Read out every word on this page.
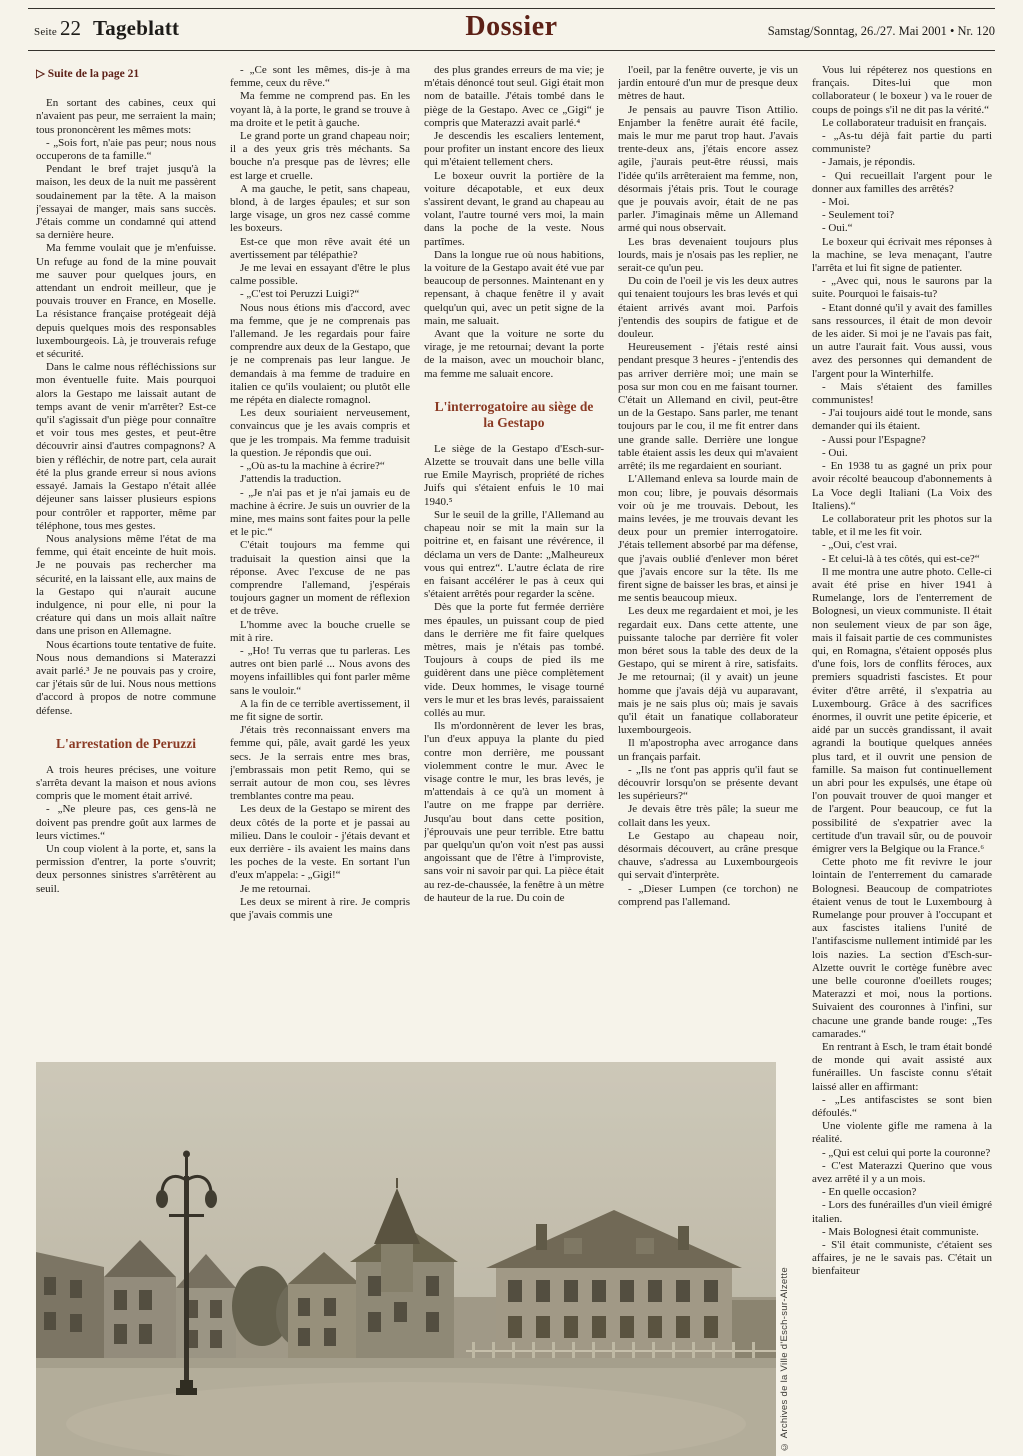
Seite 22 Tageblatt	Dossier	Samstag/Sonntag, 26./27. Mai 2001 • Nr. 120

▷ Suite de la page 21

En sortant des cabines, ceux qui n'avaient pas peur, me serraient la main; tous prononcèrent les mêmes mots:

- „Sois fort, n'aie pas peur; nous nous occuperons de ta famille.“

Pendant le bref trajet jusqu'à la maison, les deux de la nuit me passèrent soudainement par la tête. A la maison j'essayai de manger, mais sans succès. J'étais comme un condamné qui attend sa dernière heure.

Ma femme voulait que je m'enfuisse. Un refuge au fond de la mine pouvait me sauver pour quelques jours, en attendant un endroit meilleur, que je pouvais trouver en France, en Moselle. La résistance française protégeait déjà depuis quelques mois des responsables luxembourgeois. Là, je trouverais refuge et sécurité.

Dans le calme nous réfléchissions sur mon éventuelle fuite. Mais pourquoi alors la Gestapo me laissait autant de temps avant de venir m'arrêter? Est-ce qu'il s'agissait d'un piège pour connaître et voir tous mes gestes, et peut-être découvrir ainsi d'autres compagnons? A bien y réfléchir, de notre part, cela aurait été la plus grande erreur si nous avions essayé. Jamais la Gestapo n'était allée déjeuner sans laisser plusieurs espions pour contrôler et rapporter, même par téléphone, tous mes gestes.

Nous analysions même l'état de ma femme, qui était enceinte de huit mois. Je ne pouvais pas rechercher ma sécurité, en la laissant elle, aux mains de la Gestapo qui n'aurait aucune indulgence, ni pour elle, ni pour la créature qui dans un mois allait naître dans une prison en Allemagne.

Nous écartions toute tentative de fuite. Nous nous demandions si Materazzi avait parlé.³ Je ne pouvais pas y croire, car j'étais sûr de lui. Nous nous mettions d'accord à propos de notre commune défense.

L'arrestation de Peruzzi

A trois heures précises, une voiture s'arrêta devant la maison et nous avions compris que le moment était arrivé.

- „Ne pleure pas, ces gens-là ne doivent pas prendre goût aux larmes de leurs victimes.“

Un coup violent à la porte, et, sans la permission d'entrer, la porte s'ouvrit; deux personnes sinistres s'arrêtèrent au seuil.

- „Ce sont les mêmes, dis-je à ma femme, ceux du rêve.“

Ma femme ne comprend pas. En les voyant là, à la porte, le grand se trouve à ma droite et le petit à gauche.

Le grand porte un grand chapeau noir; il a des yeux gris très méchants. Sa bouche n'a presque pas de lèvres; elle est large et cruelle.

A ma gauche, le petit, sans chapeau, blond, à de larges épaules; et sur son large visage, un gros nez cassé comme les boxeurs.

Est-ce que mon rêve avait été un avertissement par télépathie?

Je me levai en essayant d'être le plus calme possible.

- „C'est toi Peruzzi Luigi?“

Nous nous étions mis d'accord, avec ma femme, que je ne comprenais pas l'allemand. Je les regardais pour faire comprendre aux deux de la Gestapo, que je ne comprenais pas leur langue. Je demandais à ma femme de traduire en italien ce qu'ils voulaient; ou plutôt elle me répéta en dialecte romagnol.

Les deux souriaient nerveusement, convaincus que je les avais compris et que je les trompais. Ma femme traduisit la question. Je répondis que oui.

- „Où as-tu la machine à écrire?“

J'attendis la traduction.

- „Je n'ai pas et je n'ai jamais eu de machine à écrire. Je suis un ouvrier de la mine, mes mains sont faites pour la pelle et le pic.“

C'était toujours ma femme qui traduisait la question ainsi que la réponse. Avec l'excuse de ne pas comprendre l'allemand, j'espérais toujours gagner un moment de réflexion et de trêve.

L'homme avec la bouche cruelle se mit à rire.

- „Ho! Tu verras que tu parleras. Les autres ont bien parlé ... Nous avons des moyens infaillibles qui font parler même sans le vouloir.“

A la fin de ce terrible avertissement, il me fit signe de sortir.

J'étais très reconnaissant envers ma femme qui, pâle, avait gardé les yeux secs. Je la serrais entre mes bras, j'embrassais mon petit Remo, qui se serrait autour de mon cou, ses lèvres tremblantes contre ma peau.

Les deux de la Gestapo se mirent des deux côtés de la porte et je passai au milieu. Dans le couloir - j'étais devant et eux derrière - ils avaient les mains dans les poches de la veste. En sortant l'un d'eux m'appela: - „Gigi!“

Je me retournai.

Les deux se mirent à rire. Je compris que j'avais commis une

des plus grandes erreurs de ma vie; je m'étais dénoncé tout seul. Gigi était mon nom de bataille. J'étais tombé dans le piège de la Gestapo. Avec ce „Gigi“ je compris que Materazzi avait parlé.⁴

Je descendis les escaliers lentement, pour profiter un instant encore des lieux qui m'étaient tellement chers.

Le boxeur ouvrit la portière de la voiture décapotable, et eux deux s'assirent devant, le grand au chapeau au volant, l'autre tourné vers moi, la main dans la poche de la veste. Nous partîmes.

Dans la longue rue où nous habitions, la voiture de la Gestapo avait été vue par beaucoup de personnes. Maintenant en y repensant, à chaque fenêtre il y avait quelqu'un qui, avec un petit signe de la main, me saluait.

Avant que la voiture ne sorte du virage, je me retournai; devant la porte de la maison, avec un mouchoir blanc, ma femme me saluait encore.

L'interrogatoire au siège de la Gestapo

Le siège de la Gestapo d'Esch-sur-Alzette se trouvait dans une belle villa rue Emile Mayrisch, propriété de riches Juifs qui s'étaient enfuis le 10 mai 1940.⁵

Sur le seuil de la grille, l'Allemand au chapeau noir se mit la main sur la poitrine et, en faisant une révérence, il déclama un vers de Dante: „Malheureux vous qui entrez“. L'autre éclata de rire en faisant accélérer le pas à ceux qui s'étaient arrêtés pour regarder la scène.

Dès que la porte fut fermée derrière mes épaules, un puissant coup de pied dans le derrière me fit faire quelques mètres, mais je n'étais pas tombé. Toujours à coups de pied ils me guidèrent dans une pièce complètement vide. Deux hommes, le visage tourné vers le mur et les bras levés, paraissaient collés au mur.

Ils m'ordonnèrent de lever les bras, l'un d'eux appuya la plante du pied contre mon derrière, me poussant violemment contre le mur. Avec le visage contre le mur, les bras levés, je m'attendais à ce qu'à un moment à l'autre on me frappe par derrière. Jusqu'au bout dans cette position, j'éprouvais une peur terrible. Etre battu par quelqu'un qu'on voit n'est pas aussi angoissant que de l'être à l'improviste, sans voir ni savoir par qui. La pièce était au rez-de-chaussée, la fenêtre à un mètre de hauteur de la rue. Du coin de

l'oeil, par la fenêtre ouverte, je vis un jardin entouré d'un mur de presque deux mètres de haut.

Je pensais au pauvre Tison Attilio. Enjamber la fenêtre aurait été facile, mais le mur me parut trop haut. J'avais trente-deux ans, j'étais encore assez agile, j'aurais peut-être réussi, mais l'idée qu'ils arrêteraient ma femme, non, désormais j'étais pris. Tout le courage que je pouvais avoir, était de ne pas parler. J'imaginais même un Allemand armé qui nous observait.

Les bras devenaient toujours plus lourds, mais je n'osais pas les replier, ne serait-ce qu'un peu.

Du coin de l'oeil je vis les deux autres qui tenaient toujours les bras levés et qui étaient arrivés avant moi. Parfois j'entendis des soupirs de fatigue et de douleur.

Heureusement - j'étais resté ainsi pendant presque 3 heures - j'entendis des pas arriver derrière moi; une main se posa sur mon cou en me faisant tourner. C'était un Allemand en civil, peut-être un de la Gestapo. Sans parler, me tenant toujours par le cou, il me fit entrer dans une grande salle. Derrière une longue table étaient assis les deux qui m'avaient arrêté; ils me regardaient en souriant.

L'Allemand enleva sa lourde main de mon cou; libre, je pouvais désormais voir où je me trouvais. Debout, les mains levées, je me trouvais devant les deux pour un premier interrogatoire. J'étais tellement absorbé par ma défense, que j'avais oublié d'enlever mon béret que j'avais encore sur la tête. Ils me firent signe de baisser les bras, et ainsi je me sentis beaucoup mieux.

Les deux me regardaient et moi, je les regardait eux. Dans cette attente, une puissante taloche par derrière fit voler mon béret sous la table des deux de la Gestapo, qui se mirent à rire, satisfaits. Je me retournai; (il y avait) un jeune homme que j'avais déjà vu auparavant, mais je ne sais plus où; mais je savais qu'il était un fanatique collaborateur luxembourgeois.

Il m'apostropha avec arrogance dans un français parfait.

- „Ils ne t'ont pas appris qu'il faut se découvrir lorsqu'on se présente devant les supérieurs?“

Je devais être très pâle; la sueur me collait dans les yeux.

Le Gestapo au chapeau noir, désormais découvert, au crâne presque chauve, s'adressa au Luxembourgeois qui servait d'interprète.

- „Dieser Lumpen (ce torchon) ne comprend pas l'allemand.

Vous lui répéterez nos questions en français. Dites-lui que mon collaborateur ( le boxeur ) va le rouer de coups de poings s'il ne dit pas la vérité.“

Le collaborateur traduisit en français.

- „As-tu déjà fait partie du parti communiste?

- Jamais, je répondis.

- Qui recueillait l'argent pour le donner aux familles des arrêtés?

- Moi.

- Seulement toi?

- Oui.“

Le boxeur qui écrivait mes réponses à la machine, se leva menaçant, l'autre l'arrêta et lui fit signe de patienter.

- „Avec qui, nous le saurons par la suite. Pourquoi le faisais-tu?

- Etant donné qu'il y avait des familles sans ressources, il était de mon devoir de les aider. Si moi je ne l'avais pas fait, un autre l'aurait fait. Vous aussi, vous avez des personnes qui demandent de l'argent pour la Winterhilfe.

- Mais s'étaient des familles communistes!

- J'ai toujours aidé tout le monde, sans demander qui ils étaient.

- Aussi pour l'Espagne?

- Oui.

- En 1938 tu as gagné un prix pour avoir récolté beaucoup d'abonnements à La Voce degli Italiani (La Voix des Italiens).“

Le collaborateur prit les photos sur la table, et il me les fit voir.

- „Oui, c'est vrai.

- Et celui-là à tes côtés, qui est-ce?“

Il me montra une autre photo. Celle-ci avait été prise en hiver 1941 à Rumelange, lors de l'enterrement de Bolognesi, un vieux communiste. Il était non seulement vieux de par son âge, mais il faisait partie de ces communistes qui, en Romagna, s'étaient opposés plus d'une fois, lors de conflits féroces, aux premiers squadristi fascistes. Et pour éviter d'être arrêté, il s'expatria au Luxembourg. Grâce à des sacrifices énormes, il ouvrit une petite épicerie, et aidé par un succès grandissant, il avait agrandi la boutique quelques années plus tard, et il ouvrit une pension de famille. Sa maison fut continuellement un abri pour les expulsés, une étape où l'on pouvait trouver de quoi manger et de l'argent. Pour beaucoup, ce fut la possibilité de s'expatrier avec la certitude d'un travail sûr, ou de pouvoir émigrer vers la Belgique ou la France.⁶

Cette photo me fit revivre le jour lointain de l'enterrement du camarade Bolognesi. Beaucoup de compatriotes étaient venus de tout le Luxembourg à Rumelange pour prouver à l'occupant et aux fascistes italiens l'unité de l'antifascisme nullement intimidé par les lois nazies. La section d'Esch-sur-Alzette ouvrit le cortège funèbre avec une belle couronne d'oeillets rouges; Materazzi et moi, nous la portions. Suivaient des couronnes à l'infini, sur chacune une grande bande rouge: „Tes camarades.“

En rentrant à Esch, le tram était bondé de monde qui avait assisté aux funérailles. Un fasciste connu s'était laissé aller en affirmant:

- „Les antifascistes se sont bien défoulés.“

Une violente gifle me ramena à la réalité.

- „Qui est celui qui porte la couronne?

- C'est Materazzi Querino que vous avez arrêté il y a un mois.

- En quelle occasion?

- Lors des funérailles d'un vieil émigré italien.

- Mais Bolognesi était communiste.

- S'il était communiste, c'étaient ses affaires, je ne le savais pas. C'était un bienfaiteur

© Archives de la Ville d'Esch-sur-Alzette
